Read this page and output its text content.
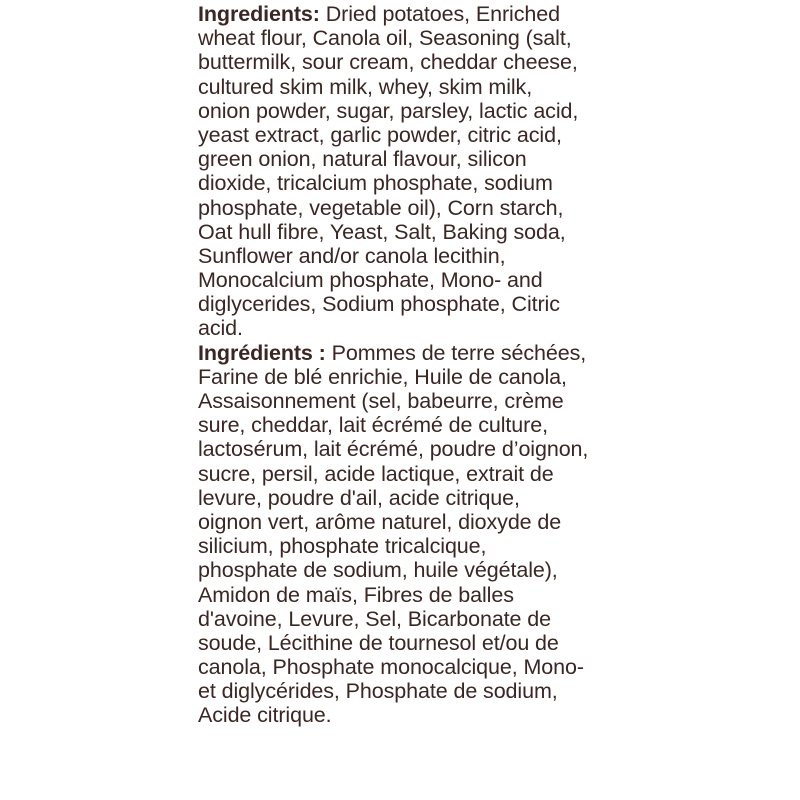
Ingredients: Dried potatoes, Enriched
wheat flour, Canola oil, Seasoning (salt,
buttermilk, sour cream, cheddar cheese,
cultured skim milk, whey, skim milk,
onion powder, sugar, parsley, lactic acid,
yeast extract, garlic powder, citric acid,
green onion, natural flavour, silicon
dioxide, tricalcium phosphate, sodium
phosphate, vegetable oil), Corn starch,
Oat hull fibre, Yeast, Salt, Baking soda,
Sunflower and/or canola lecithin,
Monocalcium phosphate, Mono- and
diglycerides, Sodium phosphate, Citric
acid.
Ingrédients : Pommes de terre séchées,
Farine de blé enrichie, Huile de canola,
Assaisonnement (sel, babeurre, crème
sure, cheddar, lait écrémé de culture,
lactosérum, lait écrémé, poudre d’oignon,
sucre, persil, acide lactique, extrait de
levure, poudre d'ail, acide citrique,
oignon vert, arôme naturel, dioxyde de
silicium, phosphate tricalcique,
phosphate de sodium, huile végétale),
Amidon de maïs, Fibres de balles
d'avoine, Levure, Sel, Bicarbonate de
soude, Lécithine de tournesol et/ou de
canola, Phosphate monocalcique, Mono-
et diglycérides, Phosphate de sodium,
Acide citrique.
